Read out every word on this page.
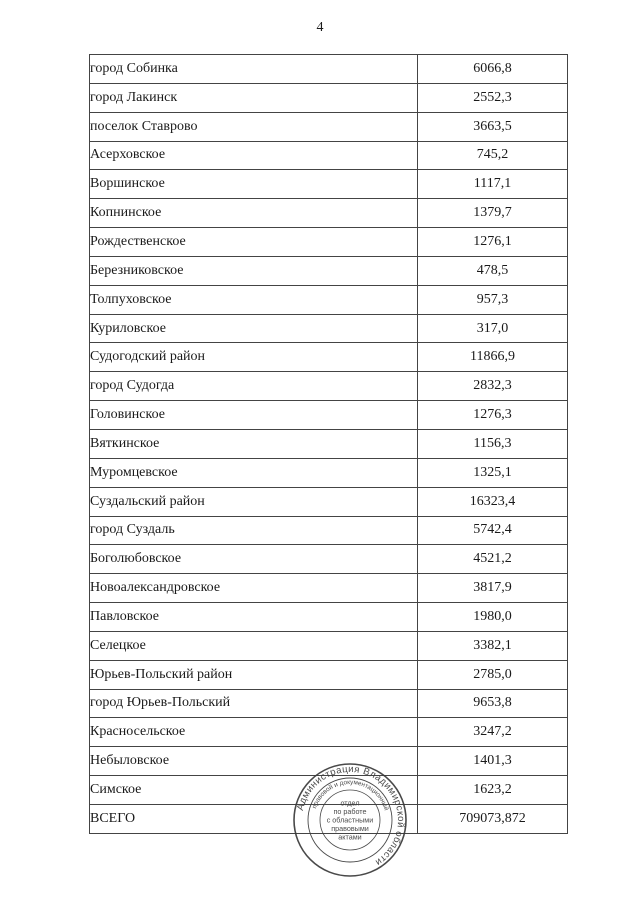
4
город Собинка	6066,8
город Лакинск	2552,3
поселок Ставрово	3663,5
Асерховское	745,2
Воршинское	1117,1
Копнинское	1379,7
Рождественское	1276,1
Березниковское	478,5
Толпуховское	957,3
Куриловское	317,0
Судогодский район	11866,9
город Судогда	2832,3
Головинское	1276,3
Вяткинское	1156,3
Муромцевское	1325,1
Суздальский район	16323,4
город Суздаль	5742,4
Боголюбовское	4521,2
Новоалександровское	3817,9
Павловское	1980,0
Селецкое	3382,1
Юрьев-Польский район	2785,0
город Юрьев-Польский	9653,8
Красносельское	3247,2
Небыловское	1401,3
Симское	1623,2
ВСЕГО	709073,872
Администрация Владимирской области
правовой и документационный
отдел
по работе
с областными
правовыми
актами
